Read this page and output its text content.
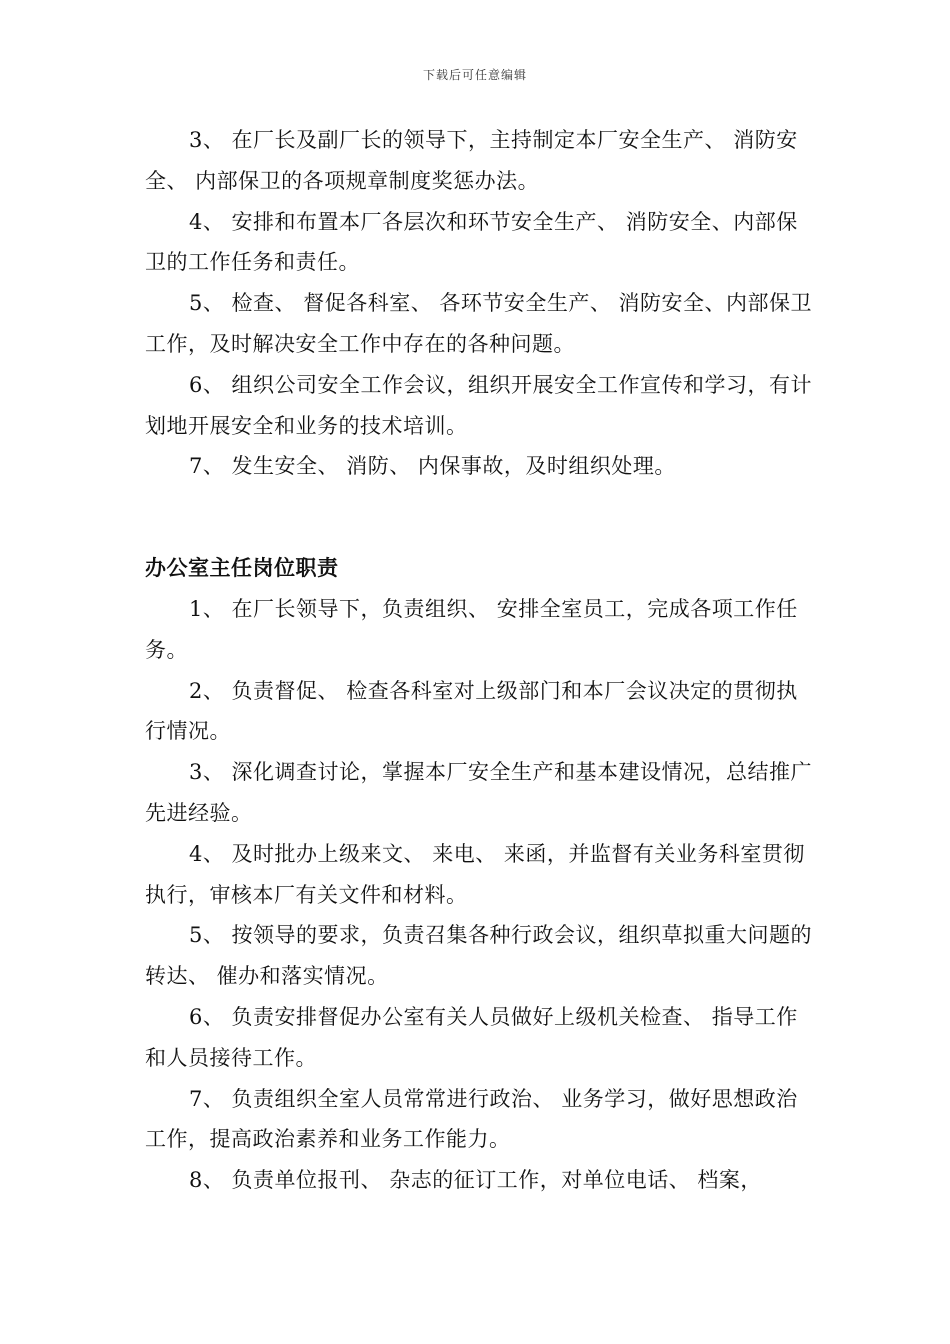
下载后可任意编辑

3、 在厂长及副厂长的领导下，主持制定本厂安全生产、 消防安全、 内部保卫的各项规章制度奖惩办法。

4、 安排和布置本厂各层次和环节安全生产、 消防安全、内部保卫的工作任务和责任。

5、 检查、 督促各科室、 各环节安全生产、 消防安全、内部保卫工作，及时解决安全工作中存在的各种问题。

6、 组织公司安全工作会议，组织开展安全工作宣传和学习，有计划地开展安全和业务的技术培训。

7、 发生安全、 消防、 内保事故，及时组织处理。

办公室主任岗位职责

1、 在厂长领导下，负责组织、 安排全室员工，完成各项工作任务。

2、 负责督促、 检查各科室对上级部门和本厂会议决定的贯彻执行情况。

3、 深化调查讨论，掌握本厂安全生产和基本建设情况，总结推广先进经验。

4、 及时批办上级来文、 来电、 来函，并监督有关业务科室贯彻执行，审核本厂有关文件和材料。

5、 按领导的要求，负责召集各种行政会议，组织草拟重大问题的转达、 催办和落实情况。

6、 负责安排督促办公室有关人员做好上级机关检查、 指导工作和人员接待工作。

7、 负责组织全室人员常常进行政治、 业务学习，做好思想政治工作，提高政治素养和业务工作能力。

8、 负责单位报刊、 杂志的征订工作，对单位电话、 档案，
